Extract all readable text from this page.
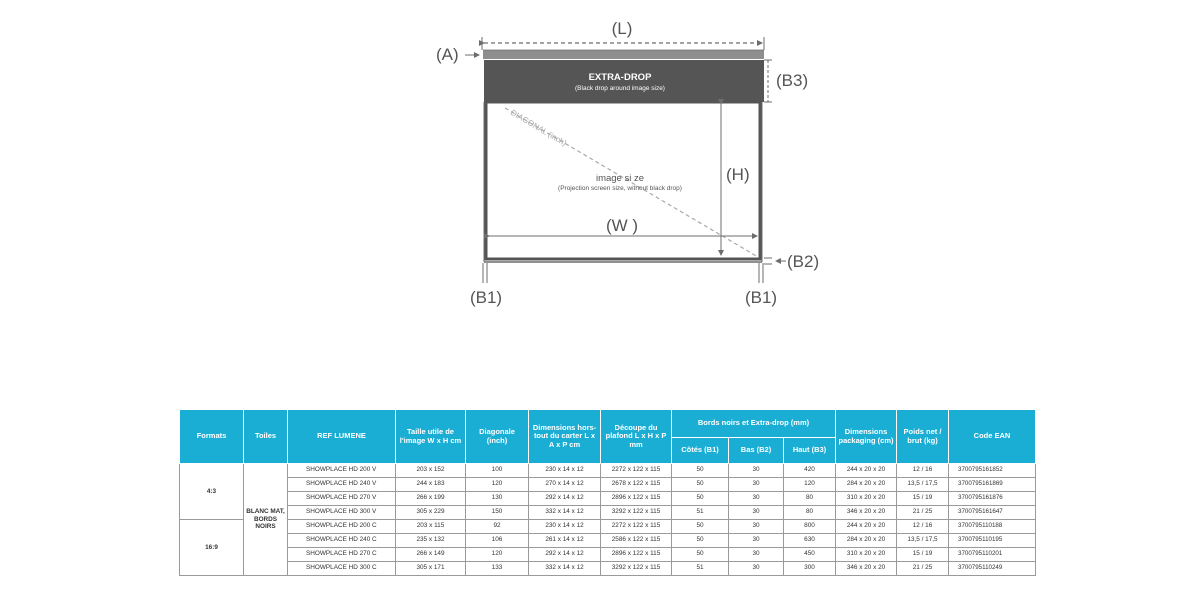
(L)
(A)
EXTRA-DROP
(Black drop around image size)	(B3)
DIAGONAL (inch)
(H)
image si ze
(Projection screen size, without black drop)
(W )
(B2)
(B1)	(B1)
Formats	Toiles	REF LUMENE	Taille utile de l'image W x H cm	Diagonale (inch)	Dimensions hors-tout du carter L x A x P cm	Découpe du plafond L x H x P mm	Bords noirs et Extra-drop (mm)			Dimensions packaging (cm)	Poids net / brut (kg)	Code EAN
							Côtés (B1)	Bas (B2)	Haut (B3)			
4:3	BLANC MAT, BORDS NOIRS	SHOWPLACE HD 200 V	203 x 152	100	230 x 14 x 12	2272 x 122 x 115	50	30	420	244 x 20 x 20	12 / 16	3700795161852
		SHOWPLACE HD 240 V	244 x 183	120	270 x 14 x 12	2678 x 122 x 115	50	30	120	284 x 20 x 20	13,5 / 17,5	3700795161869
		SHOWPLACE HD 270 V	266 x 199	130	292 x 14 x 12	2896 x 122 x 115	50	30	80	310 x 20 x 20	15 / 19	3700795161876
		SHOWPLACE HD 300 V	305 x 229	150	332 x 14 x 12	3292 x 122 x 115	51	30	80	346 x 20 x 20	21 / 25	3700795161647
16:9		SHOWPLACE HD 200 C	203 x 115	92	230 x 14 x 12	2272 x 122 x 115	50	30	800	244 x 20 x 20	12 / 16	3700795110188
		SHOWPLACE HD 240 C	235 x 132	106	261 x 14 x 12	2586 x 122 x 115	50	30	630	284 x 20 x 20	13,5 / 17,5	3700795110195
		SHOWPLACE HD 270 C	266 x 149	120	292 x 14 x 12	2896 x 122 x 115	50	30	450	310 x 20 x 20	15 / 19	3700795110201
		SHOWPLACE HD 300 C	305 x 171	133	332 x 14 x 12	3292 x 122 x 115	51	30	300	346 x 20 x 20	21 / 25	3700795110249
